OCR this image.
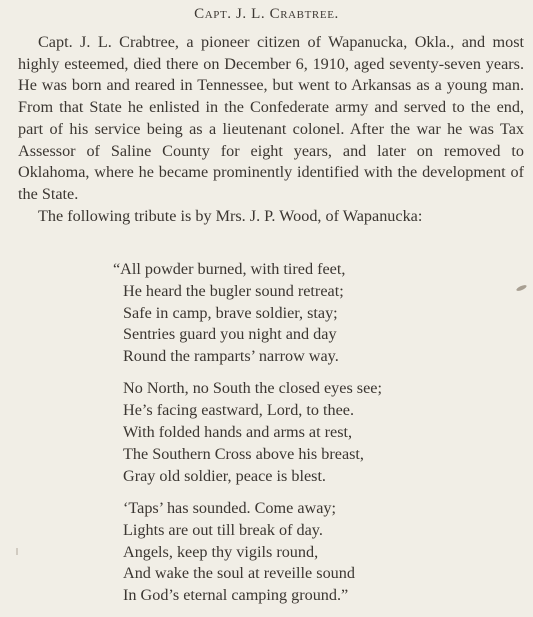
Capt. J. L. Crabtree.

Capt. J. L. Crabtree, a pioneer citizen of Wapanucka, Okla., and most highly esteemed, died there on December 6, 1910, aged seventy-seven years. He was born and reared in Tennessee, but went to Arkansas as a young man. From that State he enlisted in the Confederate army and served to the end, part of his service being as a lieutenant colonel. After the war he was Tax Assessor of Saline County for eight years, and later on removed to Oklahoma, where he became prominently identified with the development of the State.

The following tribute is by Mrs. J. P. Wood, of Wapanucka:

“All powder burned, with tired feet,
He heard the bugler sound retreat;
Safe in camp, brave soldier, stay;
Sentries guard you night and day
Round the ramparts’ narrow way.
No North, no South the closed eyes see;
He’s facing eastward, Lord, to thee.
With folded hands and arms at rest,
The Southern Cross above his breast,
Gray old soldier, peace is blest.
‘Taps’ has sounded. Come away;
Lights are out till break of day.
Angels, keep thy vigils round,
And wake the soul at reveille sound
In God’s eternal camping ground.”
